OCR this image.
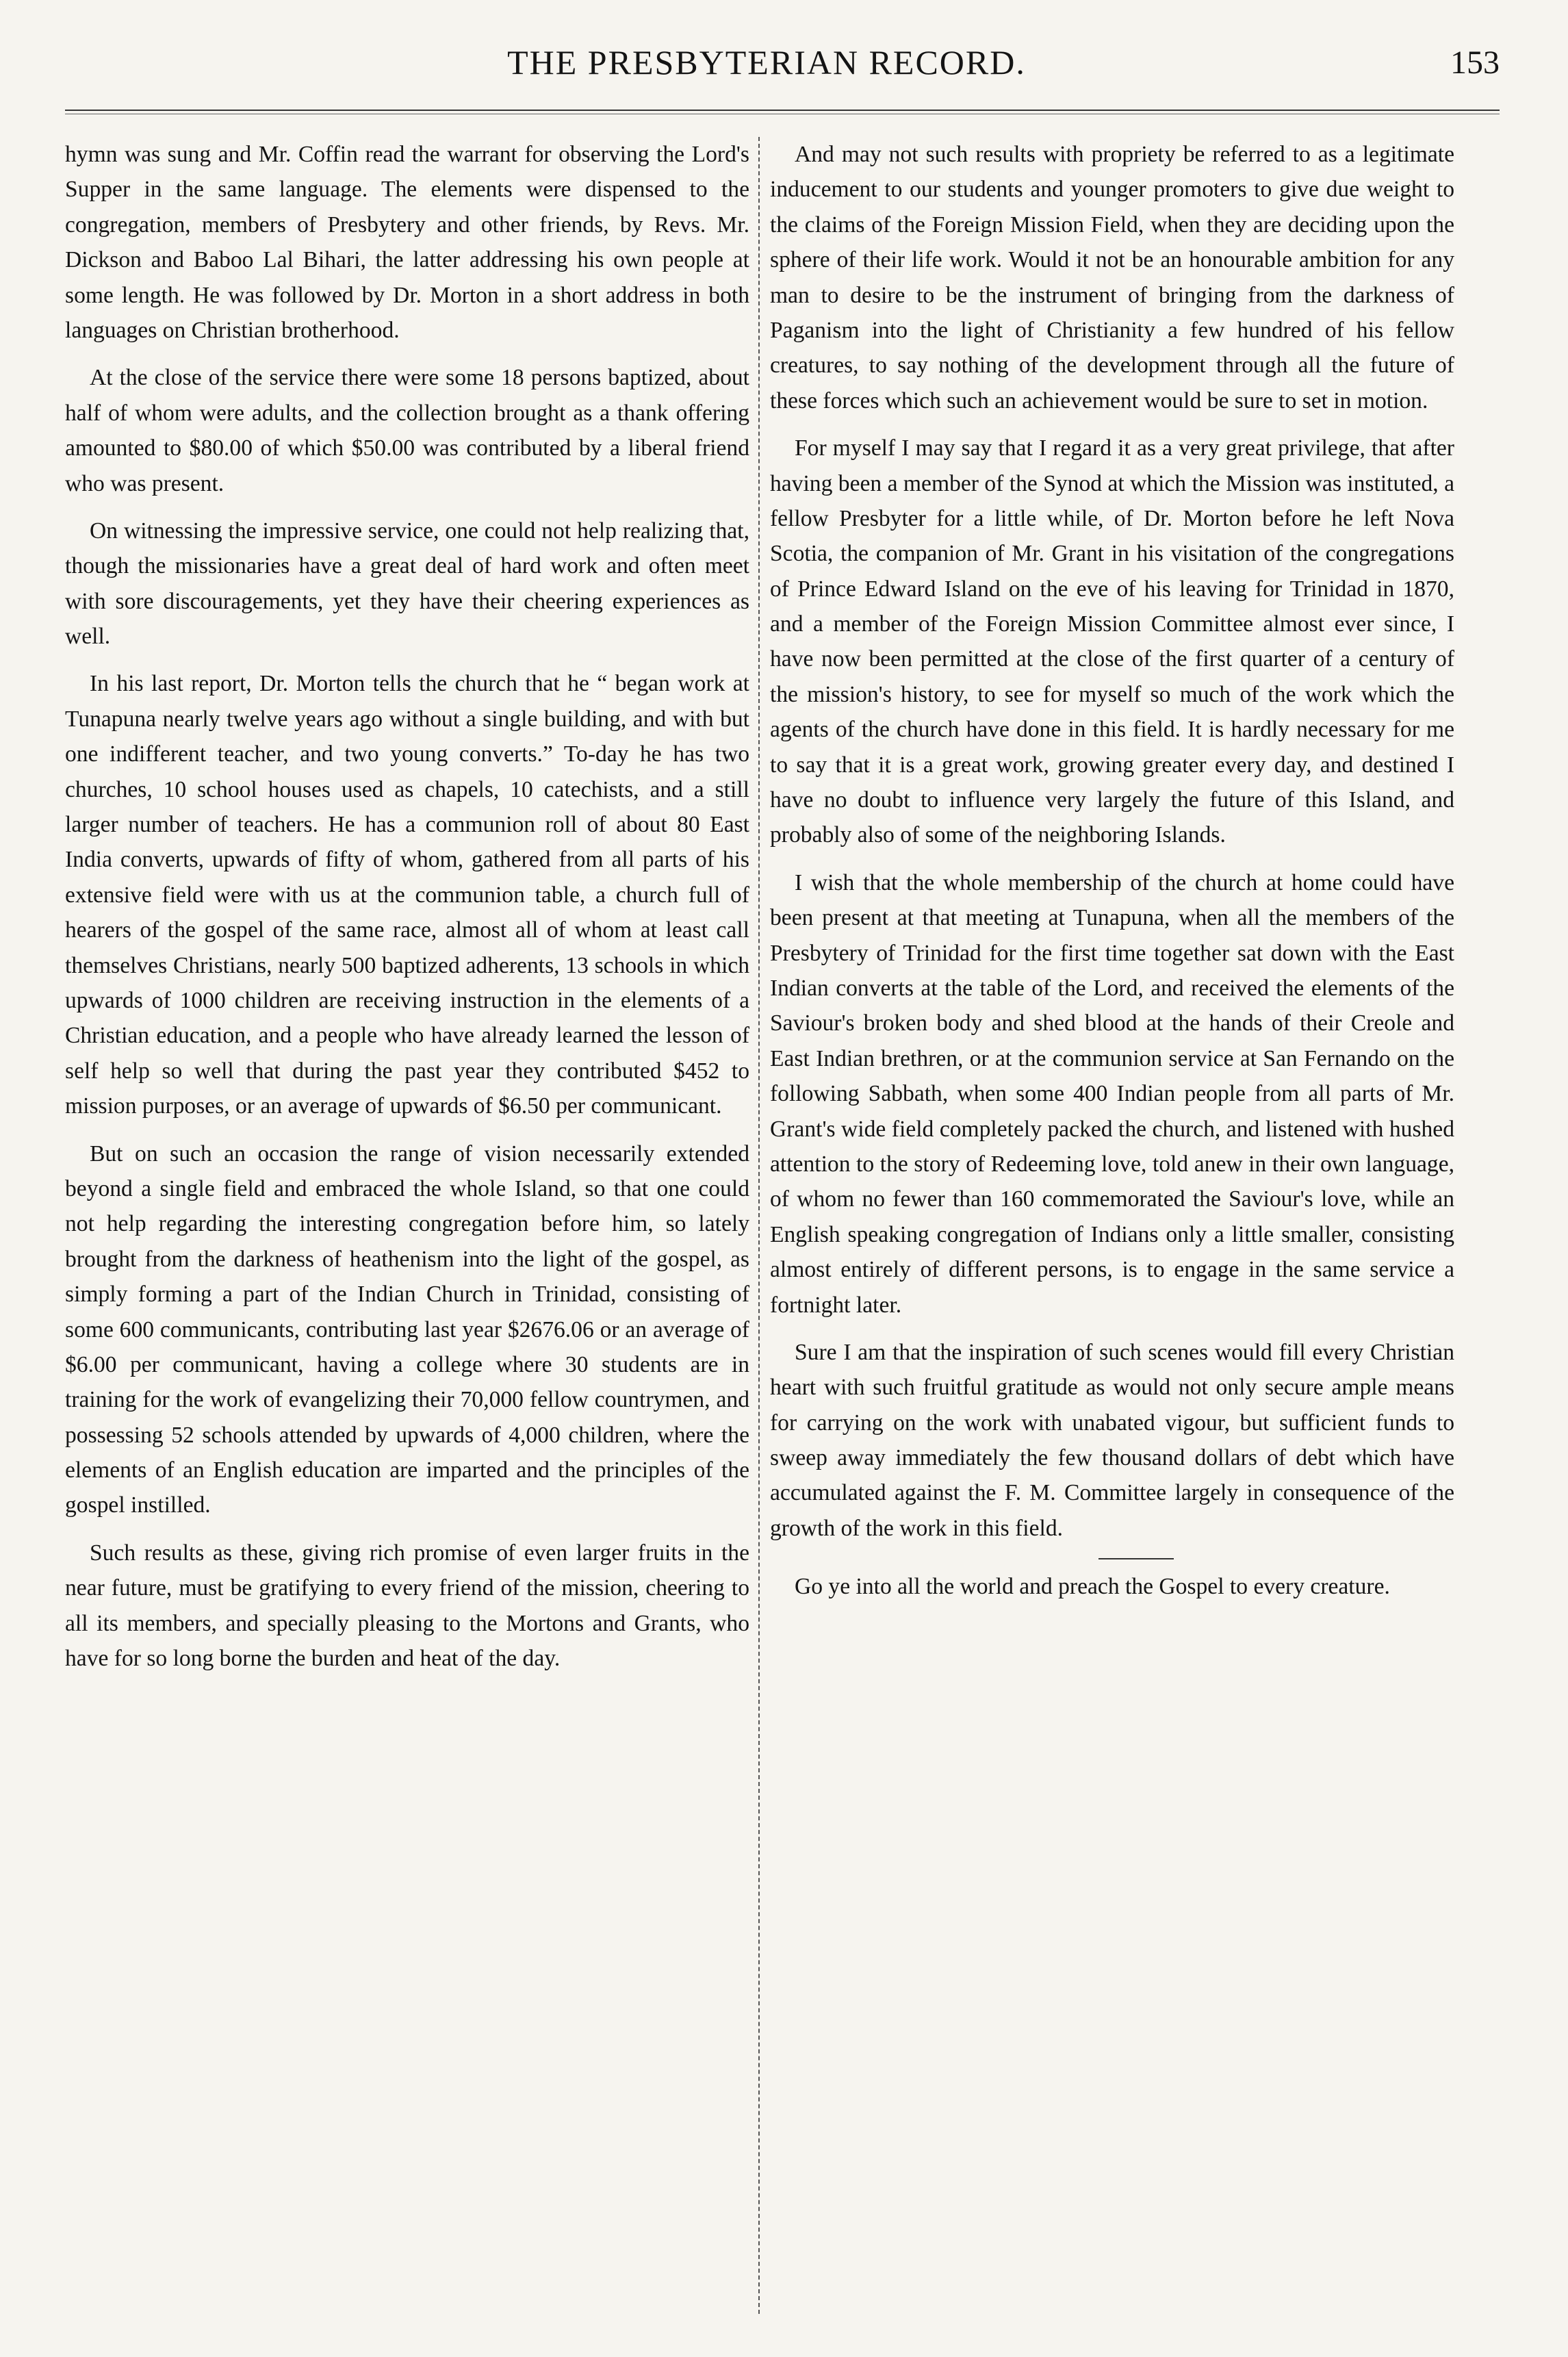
THE PRESBYTERIAN RECORD.	153

hymn was sung and Mr. Coffin read the warrant for observing the Lord's Supper in the same language. The elements were dispensed to the congregation, members of Presbytery and other friends, by Revs. Mr. Dickson and Baboo Lal Bihari, the latter addressing his own people at some length. He was followed by Dr. Morton in a short address in both languages on Christian brotherhood.

At the close of the service there were some 18 persons baptized, about half of whom were adults, and the collection brought as a thank offering amounted to $80.00 of which $50.00 was contributed by a liberal friend who was present.

On witnessing the impressive service, one could not help realizing that, though the missionaries have a great deal of hard work and often meet with sore discouragements, yet they have their cheering experiences as well.

In his last report, Dr. Morton tells the church that he “ began work at Tunapuna nearly twelve years ago without a single building, and with but one indifferent teacher, and two young converts.” To-day he has two churches, 10 school houses used as chapels, 10 catechists, and a still larger number of teachers. He has a communion roll of about 80 East India converts, upwards of fifty of whom, gathered from all parts of his extensive field were with us at the communion table, a church full of hearers of the gospel of the same race, almost all of whom at least call themselves Christians, nearly 500 baptized adherents, 13 schools in which upwards of 1000 children are receiving instruction in the elements of a Christian education, and a people who have already learned the lesson of self help so well that during the past year they contributed $452 to mission purposes, or an average of upwards of $6.50 per communicant.

But on such an occasion the range of vision necessarily extended beyond a single field and embraced the whole Island, so that one could not help regarding the interesting congregation before him, so lately brought from the darkness of heathenism into the light of the gospel, as simply forming a part of the Indian Church in Trinidad, consisting of some 600 communicants, contributing last year $2676.06 or an average of $6.00 per communicant, having a college where 30 students are in training for the work of evangelizing their 70,000 fellow countrymen, and possessing 52 schools attended by upwards of 4,000 children, where the elements of an English education are imparted and the principles of the gospel instilled.

Such results as these, giving rich promise of even larger fruits in the near future, must be gratifying to every friend of the mission, cheering to all its members, and specially pleasing to the Mortons and Grants, who have for so long borne the burden and heat of the day.

And may not such results with propriety be referred to as a legitimate inducement to our students and younger promoters to give due weight to the claims of the Foreign Mission Field, when they are deciding upon the sphere of their life work. Would it not be an honourable ambition for any man to desire to be the instrument of bringing from the darkness of Paganism into the light of Christianity a few hundred of his fellow creatures, to say nothing of the development through all the future of these forces which such an achievement would be sure to set in motion.

For myself I may say that I regard it as a very great privilege, that after having been a member of the Synod at which the Mission was instituted, a fellow Presbyter for a little while, of Dr. Morton before he left Nova Scotia, the companion of Mr. Grant in his visitation of the congregations of Prince Edward Island on the eve of his leaving for Trinidad in 1870, and a member of the Foreign Mission Committee almost ever since, I have now been permitted at the close of the first quarter of a century of the mission's history, to see for myself so much of the work which the agents of the church have done in this field. It is hardly necessary for me to say that it is a great work, growing greater every day, and destined I have no doubt to influence very largely the future of this Island, and probably also of some of the neighboring Islands.

I wish that the whole membership of the church at home could have been present at that meeting at Tunapuna, when all the members of the Presbytery of Trinidad for the first time together sat down with the East Indian converts at the table of the Lord, and received the elements of the Saviour's broken body and shed blood at the hands of their Creole and East Indian brethren, or at the communion service at San Fernando on the following Sabbath, when some 400 Indian people from all parts of Mr. Grant's wide field completely packed the church, and listened with hushed attention to the story of Redeeming love, told anew in their own language, of whom no fewer than 160 commemorated the Saviour's love, while an English speaking congregation of Indians only a little smaller, consisting almost entirely of different persons, is to engage in the same service a fortnight later.

Sure I am that the inspiration of such scenes would fill every Christian heart with such fruitful gratitude as would not only secure ample means for carrying on the work with unabated vigour, but sufficient funds to sweep away immediately the few thousand dollars of debt which have accumulated against the F. M. Committee largely in consequence of the growth of the work in this field.

Go ye into all the world and preach the Gospel to every creature.
